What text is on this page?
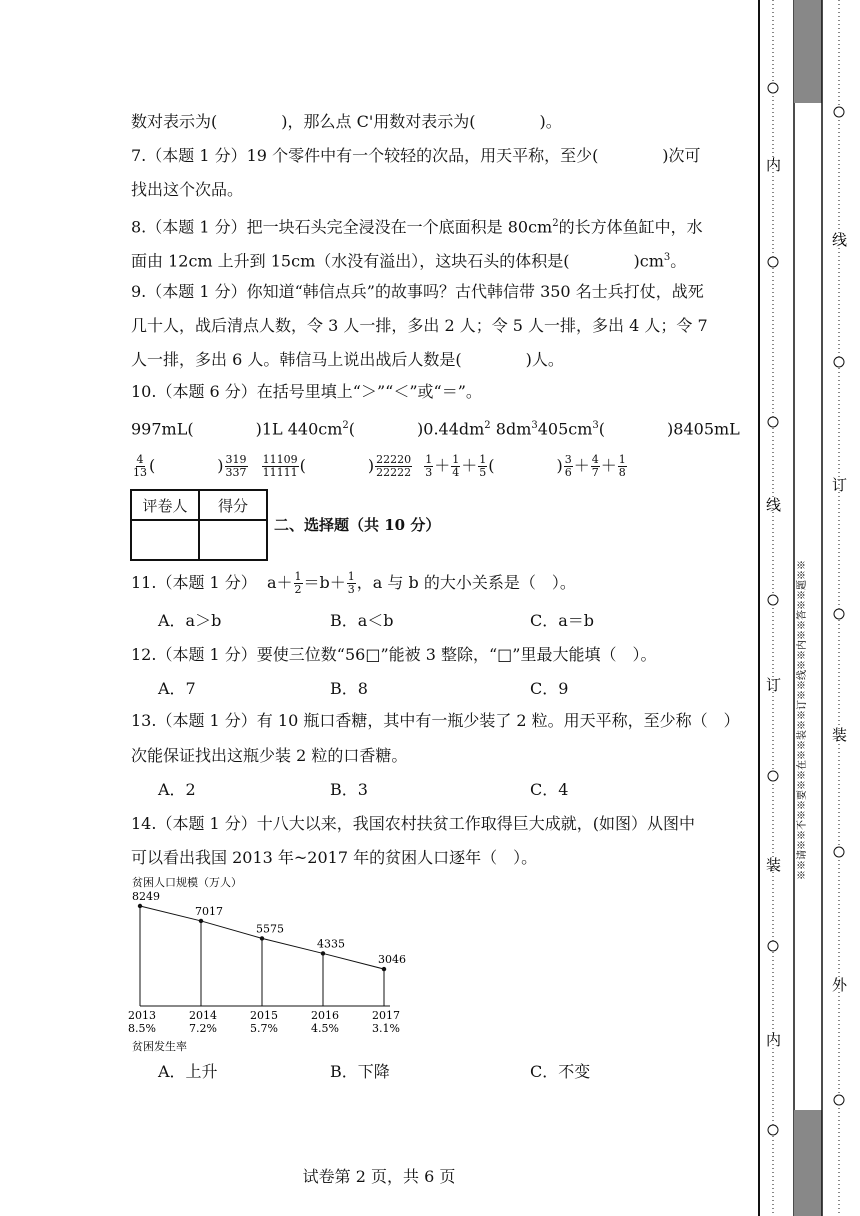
数对表示为(　　　　)，那么点 C'用数对表示为(　　　　)。
7.（本题 1 分）19 个零件中有一个较轻的次品，用天平称，至少(　　　　)次可
找出这个次品。
8.（本题 1 分）把一块石头完全浸没在一个底面积是 $80cm^2$的长方体鱼缸中，水
面由 12cm 上升到 15cm（水没有溢出），这块石头的体积是(　　　　)$cm^3$。
9.（本题 1 分）你知道“韩信点兵”的故事吗？古代韩信带 350 名士兵打仗，战死
几十人，战后清点人数，令 3 人一排，多出 2 人；令 5 人一排，多出 4 人；令 7
人一排，多出 6 人。韩信马上说出战后人数是(　　　　)人。
10.（本题 6 分）在括号里填上“＞”“＜”或“＝”。
997mL(	)1L $440cm^2$(	)$0.44dm^2$ $8dm^3405cm^3$(	)8405mL
$\frac{4}{13}$ (	) $\frac{319}{337}$
$\frac{11109}{11111}$ (	) $\frac{22220}{22222}$
$\frac{1}{3} + \frac{1}{4} + \frac{1}{5}$ (	) $\frac{3}{6} + \frac{4}{7} + \frac{1}{8}$
评卷人	得分

二、选择题（共 10 分）
11.（本题 1 分） $a+ \frac{1}{2} =b+ \frac{1}{3}$ ，a 与 b 的大小关系是（　）。
A．a＞b	B．a＜b	C．a＝b
12.（本题 1 分）要使三位数“56□”能被 3 整除，“□”里最大能填（　）。
A．7	B．8	C．9
13.（本题 1 分）有 10 瓶口香糖，其中有一瓶少装了 2 粒。用天平称，至少称（　）
次能保证找出这瓶少装 2 粒的口香糖。
A．2	B．3	C．4
14.（本题 1 分）十八大以来，我国农村扶贫工作取得巨大成就，(如图）从图中
可以看出我国 2013 年~2017 年的贫困人口逐年（　）。
贫困人口规模（万人）
8249
2013
8.5%
7017
2014
7.2%
5575
2015
5.7%
4335
2016
4.5%
3046
2017
3.1%
贫困发生率
A．上升	B．下降	C．不变
试卷第 2 页，共 6 页
内
订
线
装
内
线
订
装
外
※※请※※不※※要※※在※※装※※订※※线※※内※※答※※题※※
